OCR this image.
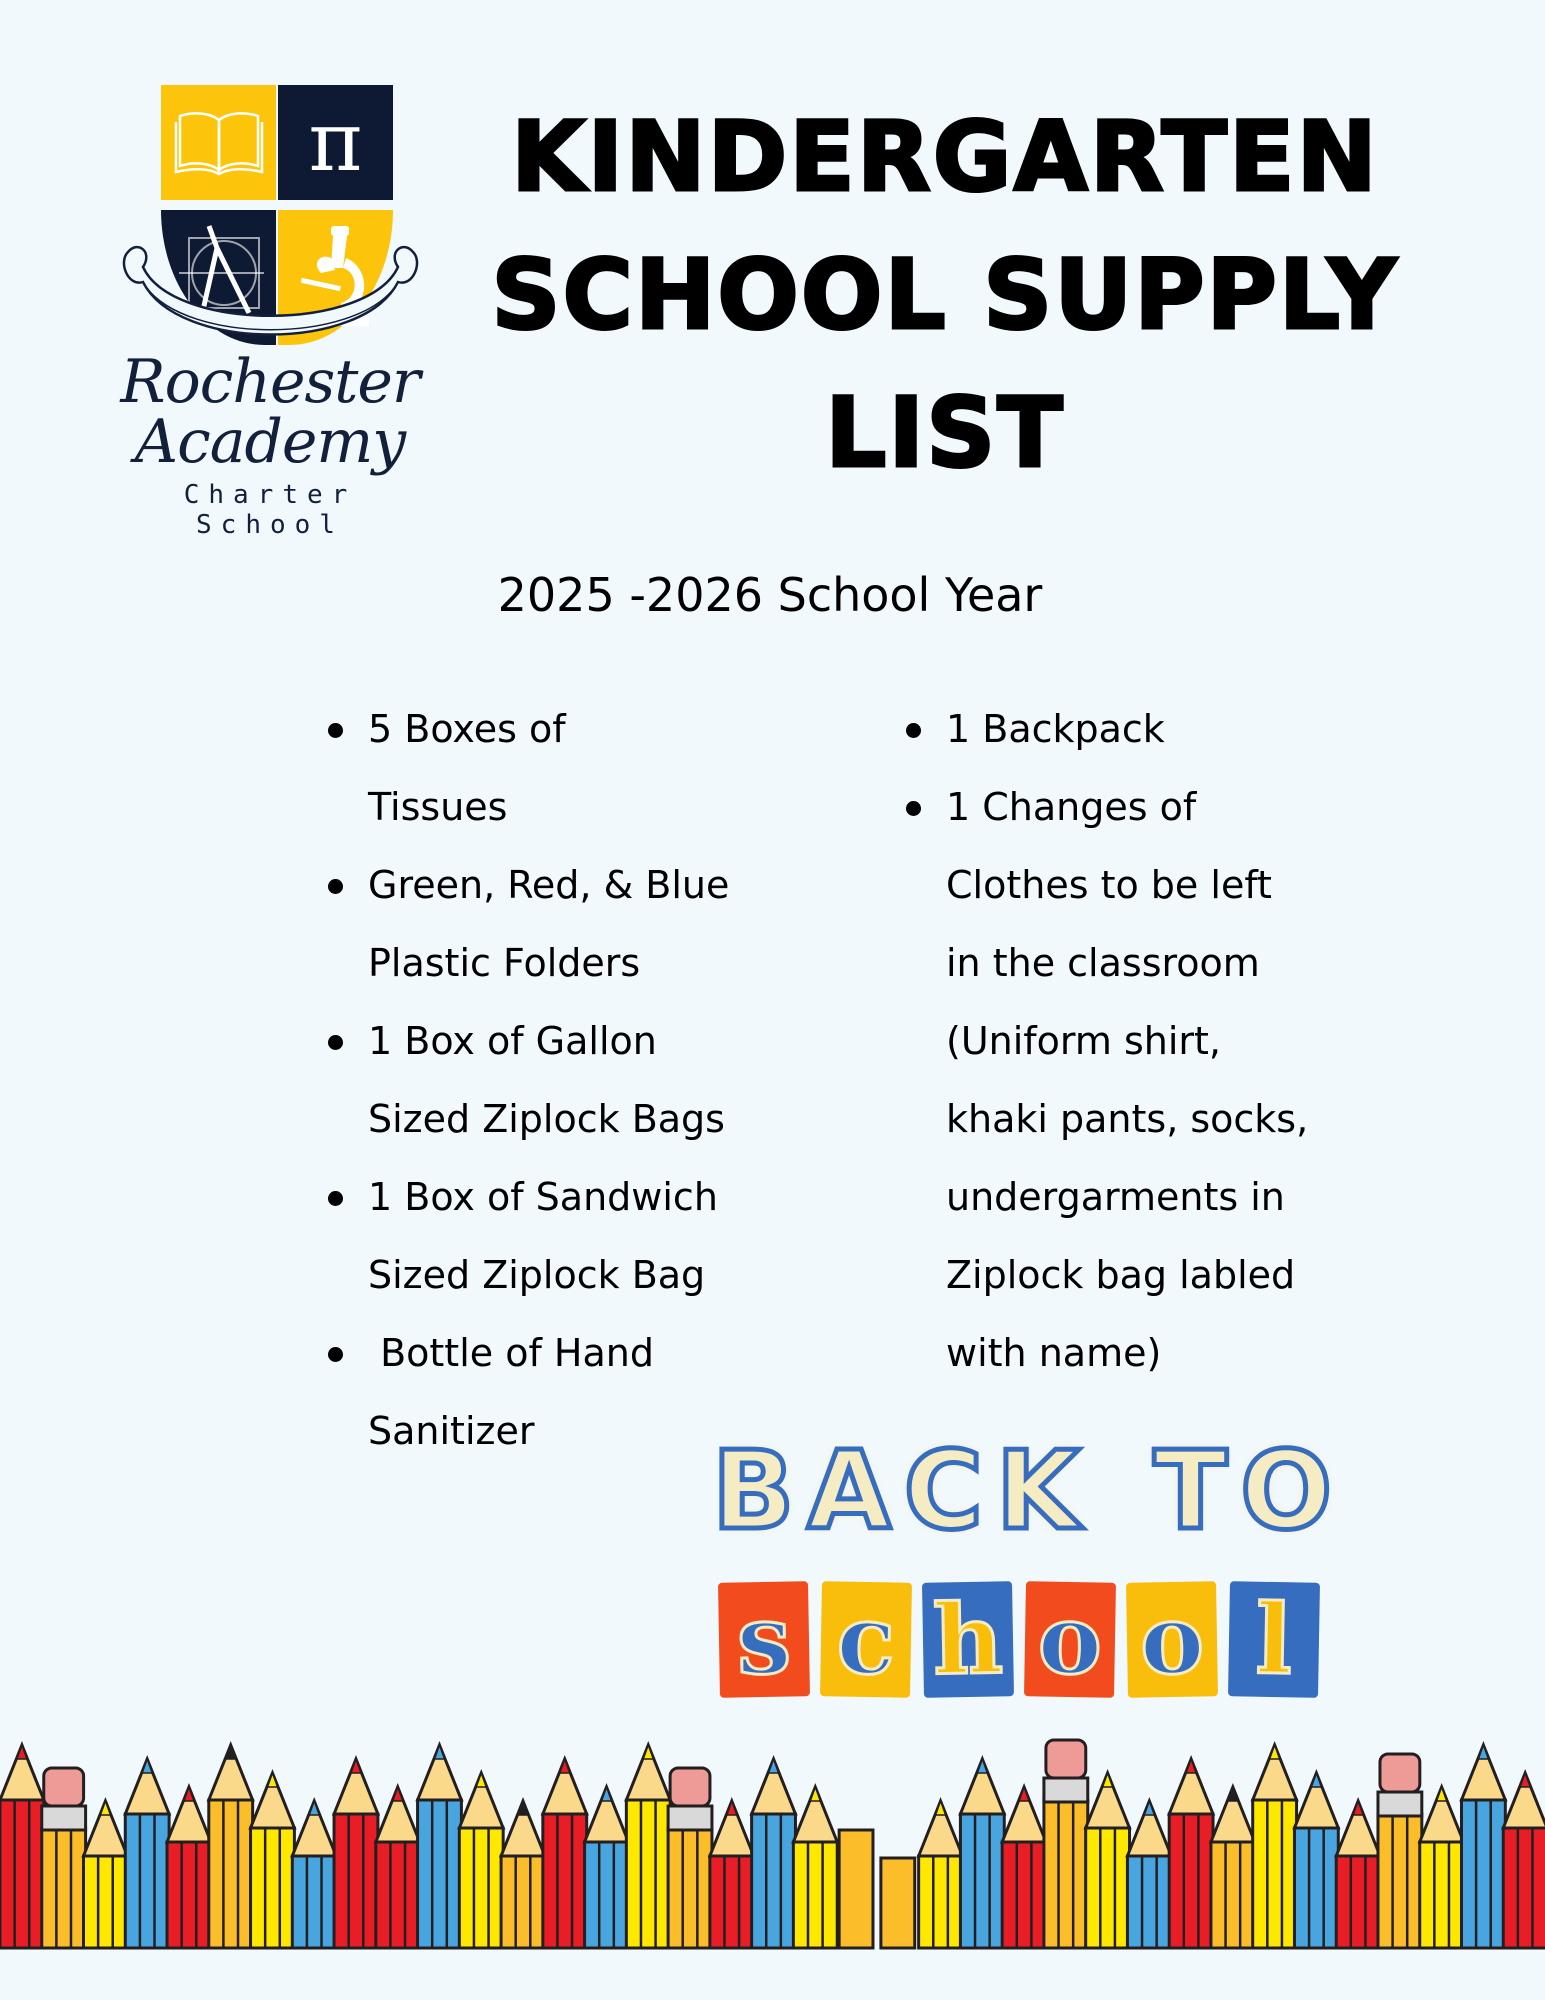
π
Rochester
Academy
Charter School
KINDERGARTEN
SCHOOL SUPPLY
LIST
2025 -2026 School Year
5 Boxes of
Tissues
Green, Red, & Blue
Plastic Folders
1 Box of Gallon
Sized Ziplock Bags
1 Box of Sandwich
Sized Ziplock Bag
Bottle of Hand
Sanitizer
1 Backpack
1 Changes of
Clothes to be left
in the classroom
(Uniform shirt,
khaki pants, socks,
undergarments in
Ziplock bag labled
with name)
B A C K T O
s c h o o l
